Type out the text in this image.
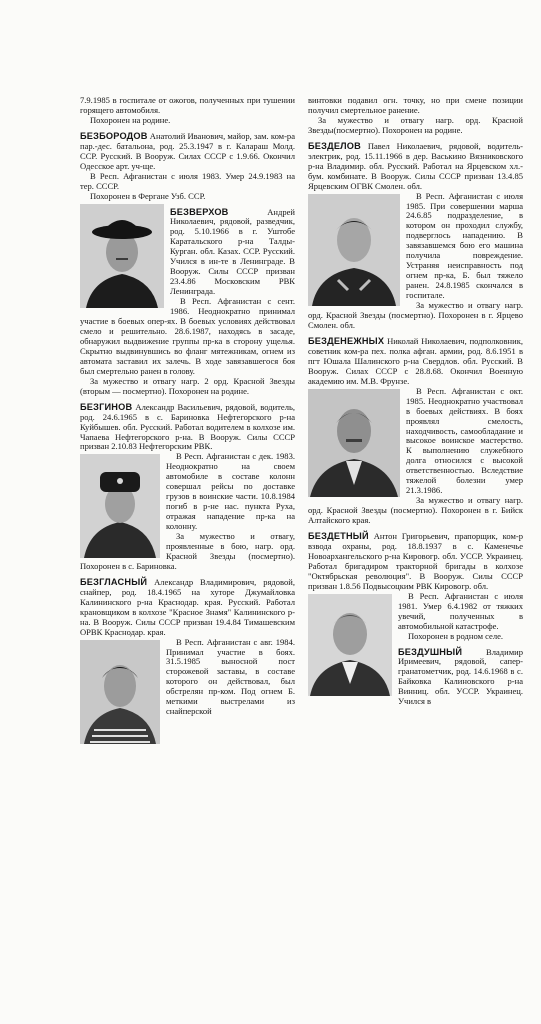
7.9.1985 в госпитале от ожогов, полученных при тушении горящего автомобиля.

Похоронен на родине.

БЕЗБОРОДОВ Анатолий Иванович, майор, зам. ком-ра пар.-дес. батальона, род. 25.3.1947 в г. Калараш Молд. ССР. Русский. В Вооруж. Силах СССР с 1.9.66. Окончил Одесское арт. уч-ще.

В Респ. Афганистан с июля 1983. Умер 24.9.1983 на тер. СССР.

Похоронен в Фергане Узб. ССР.

БЕЗВЕРХОВ	Андрей Николаевич, рядовой, разведчик, род. 5.10.1966 в г. Уштобе Каратальского р-на Талды-Курган. обл. Казах. ССР. Русский. Учился в ин-те в Ленинграде. В Вооруж. Силы СССР призван 23.4.86 Московским РВК Ленинграда.

В Респ. Афганистан с сент. 1986. Неоднократно принимал участие в боевых опер-ях. В боевых условиях действовал смело и решительно. 28.6.1987, находясь в засаде, обнаружил выдвижение группы пр-ка в сторону ущелья. Скрытно выдвинувшись во фланг мятежникам, огнем из автомата заставил их залечь. В ходе завязавшегося боя был смертельно ранен в голову.

За мужество и отвагу нагр. 2 орд. Красной Звезды (вторым — посмертно). Похоронен на родине.

БЕЗГИНОВ Александр Васильевич, рядовой, водитель, род. 24.6.1965 в с. Бариновка Нефтегорского р-на Куйбышев. обл. Русский. Работал водителем в колхозе им. Чапаева Нефтегорского р-на. В Вооруж. Силы СССР призван 2.10.83 Нефтегорским РВК.

В Респ. Афганистан с дек. 1983. Неоднократно на своем автомобиле в составе колонн совершал рейсы по доставке грузов в воинские части. 10.8.1984 погиб в р-не нас. пункта Руха, отражая нападение пр-ка на колонну.

За мужество и отвагу, проявленные в бою, нагр. орд. Красной Звезды (посмертно). Похоронен в с. Бариновка.

БЕЗГЛАСНЫЙ Александр Владимирович, рядовой, снайпер, род. 18.4.1965 на хуторе Джумайловка Калининского р-на Краснодар. края. Русский. Работал крановщиком в колхозе "Красное Знамя" Калининского р-на. В Вооруж. Силы СССР призван 19.4.84 Тимашевским ОРВК Краснодар. края.

В Респ. Афганистан с авг. 1984. Принимал участие в боях. 31.5.1985 выносной пост сторожевой заставы, в составе которого он действовал, был обстрелян пр-ком. Под огнем Б. меткими выстрелами из снайперской

винтовки подавил огн. точку, но при смене позиции получил смертельное ранение.

За мужество и отвагу нагр. орд. Красной Звезды(посмертно). Похоронен на родине.

БЕЗДЕЛОВ Павел Николаевич, рядовой, водитель-электрик, род. 15.11.1966 в дер. Васькино Вязниковского р-на Владимир. обл. Русский. Работал на Ярцевском хл.-бум. комбинате. В Вооруж. Силы СССР призван 13.4.85 Ярцевским ОГВК Смолен. обл.

В Респ. Афганистан с июля 1985. При совершении марша 24.6.85 подразделение, в котором он проходил службу, подверглось нападению. В завязавшемся бою его машина получила повреждение. Устраняя неисправность под огнем пр-ка, Б. был тяжело ранен. 24.8.1985 скончался в госпитале.

За мужество и отвагу нагр. орд. Красной Звезды (посмертно). Похоронен в г. Ярцево Смолен. обл.

БЕЗДЕНЕЖНЫХ Николай Николаевич, подполковник, советник ком-ра пех. полка афган. армии, род. 8.6.1951 в пгт Юшала Шалинского р-на Свердлов. обл. Русский. В Вооруж. Силах СССР с 28.8.68. Окончил Военную академию им. М.В. Фрунзе.

В Респ. Афганистан с окт. 1985. Неоднократно участвовал в боевых действиях. В боях проявлял смелость, находчивость, самообладание и высокое воинское мастерство. К выполнению служебного долга относился с высокой ответственностью. Вследствие тяжелой болезни умер 21.3.1986.

За мужество и отвагу нагр. орд. Красной Звезды (посмертно). Похоронен в г. Бийск Алтайского края.

БЕЗДЕТНЫЙ Антон Григорьевич, прапорщик, ком-р взвода охраны, род. 18.8.1937 в с. Каменечье Новоархангельского р-на Кировогр. обл. УССР. Украинец. Работал бригадиром тракторной бригады в колхозе "Октябрьская революция". В Вооруж. Силы СССР призван 1.8.56 Подвысоцким РВК Кировогр. обл.

В Респ. Афганистан с июля 1981. Умер 6.4.1982 от тяжких увечий, полученных в автомобильной катастрофе.

Похоронен в родном селе.

БЕЗДУШНЫЙ	Владимир Иримеевич, рядовой, сапер-гранатометчик, род. 14.6.1968 в с. Байковка Калиновского р-на Винниц. обл. УССР. Украинец. Учился в
